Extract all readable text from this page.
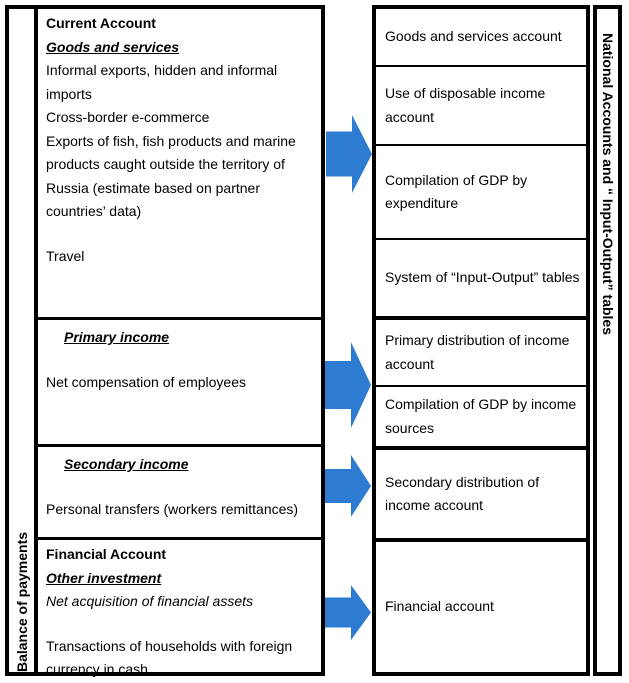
Balance of payments
Current Account
Goods and services
Informal exports, hidden and informal imports
Cross-border e-commerce
Exports of fish, fish products and marine products caught outside the territory of Russia (estimate based on partner countries’ data)
Travel
Primary income
Net compensation of employees
Secondary income
Personal transfers (workers remittances)
Financial Account
Other investment
Net acquisition of financial assets
Transactions of households with foreign currency in cash
Goods and services account
Use of disposable income account
Compilation of GDP by expenditure
System of “Input-Output” tables
Primary distribution of income account
Compilation of GDP by income sources
Secondary distribution of income account
Financial account
National Accounts and “ Input-Output” tables
